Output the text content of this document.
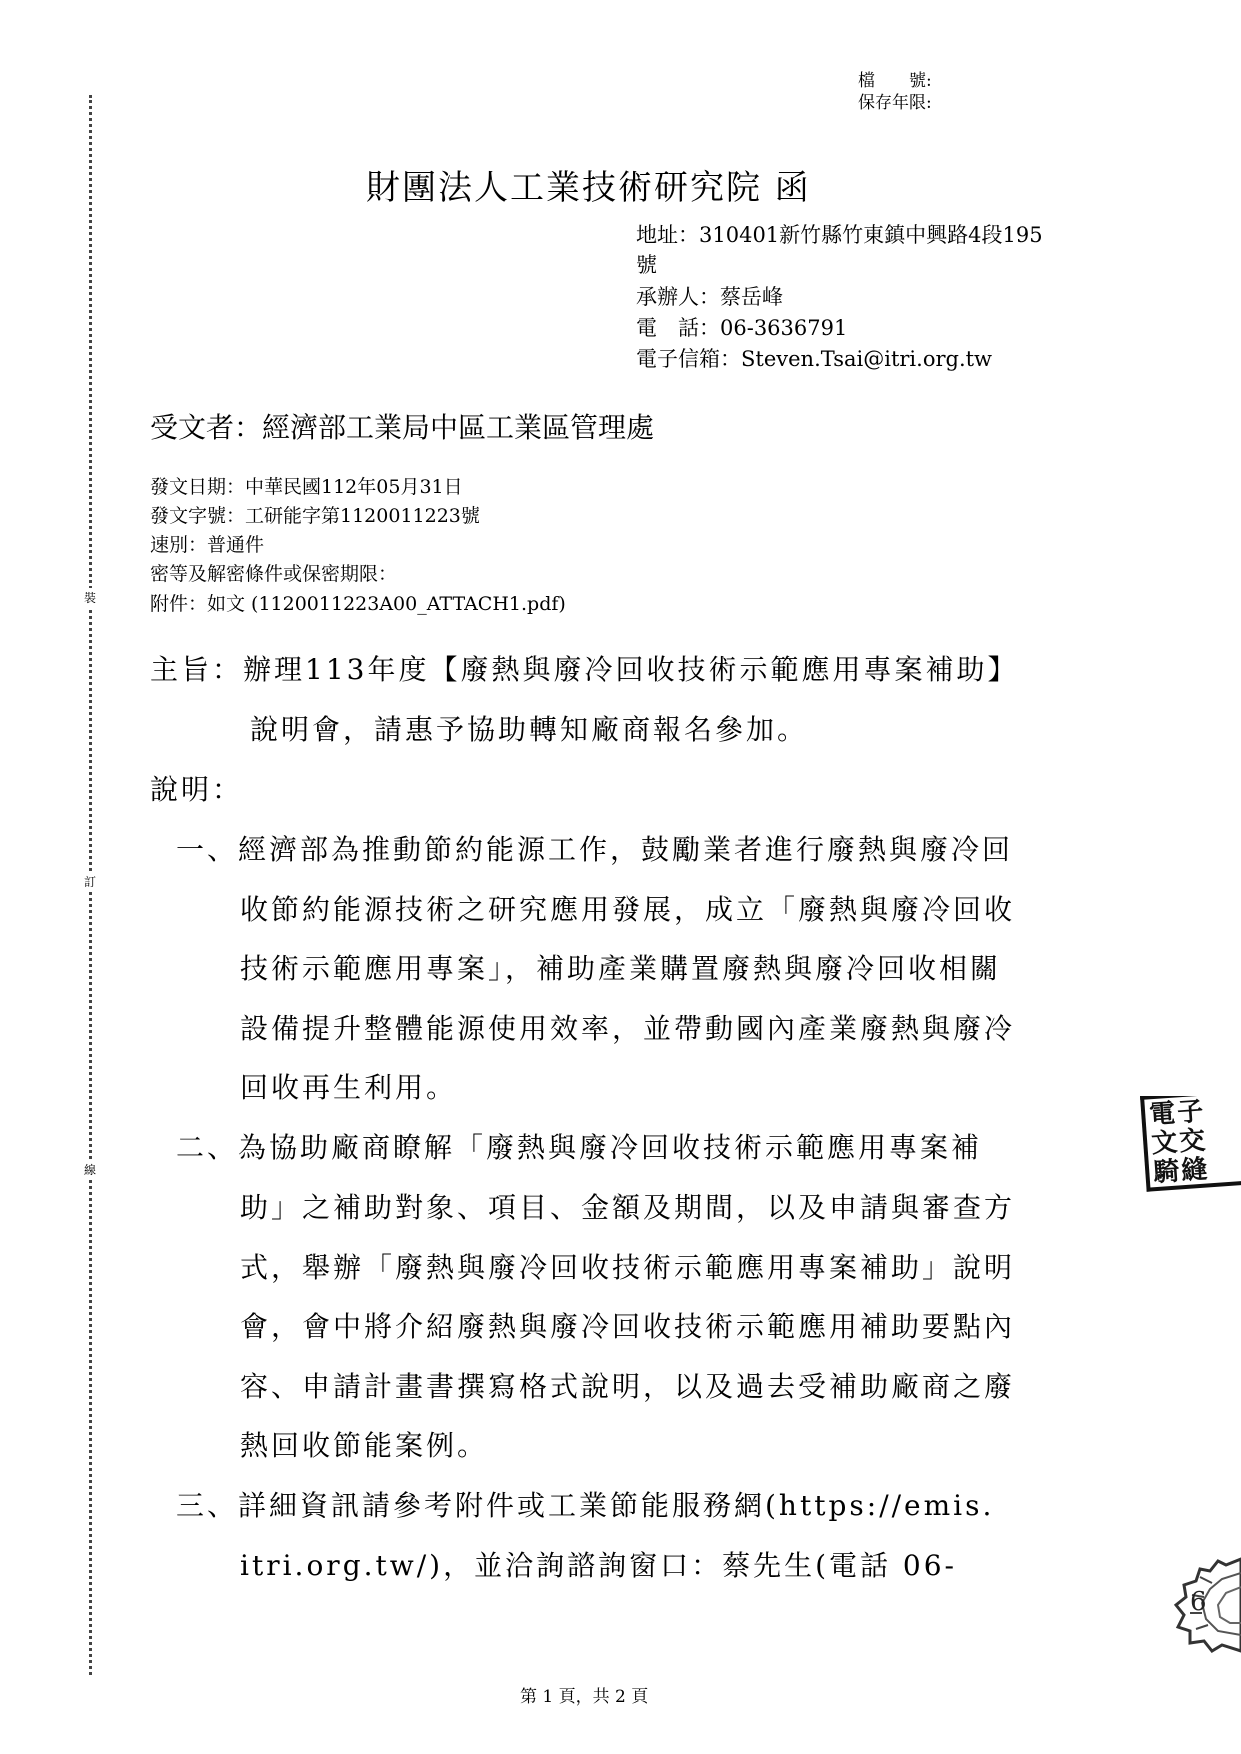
裝
訂
線
檔　　號:
保存年限:
財團法人工業技術研究院 函
地址：310401新竹縣竹東鎮中興路4段195
號
承辦人：蔡岳峰
電　話：06-3636791
電子信箱：Steven.Tsai@itri.org.tw
受文者：經濟部工業局中區工業區管理處
發文日期：中華民國112年05月31日
發文字號：工研能字第1120011223號
速別：普通件
密等及解密條件或保密期限：
附件：如文 (1120011223A00_ATTACH1.pdf)
主旨：辦理113年度【廢熱與廢冷回收技術示範應用專案補助】
說明會，請惠予協助轉知廠商報名參加。
說明：
一、經濟部為推動節約能源工作，鼓勵業者進行廢熱與廢冷回
收節約能源技術之研究應用發展，成立「廢熱與廢冷回收
技術示範應用專案」，補助產業購置廢熱與廢冷回收相關
設備提升整體能源使用效率，並帶動國內產業廢熱與廢冷
回收再生利用。
二、為協助廠商瞭解「廢熱與廢冷回收技術示範應用專案補
助」之補助對象、項目、金額及期間，以及申請與審查方
式，舉辦「廢熱與廢冷回收技術示範應用專案補助」說明
會，會中將介紹廢熱與廢冷回收技術示範應用補助要點內
容、申請計畫書撰寫格式說明，以及過去受補助廠商之廢
熱回收節能案例。
三、詳細資訊請參考附件或工業節能服務網(https://emis.
itri.org.tw/)，並洽詢諮詢窗口：蔡先生(電話 06-
第 1 頁，共 2 頁
電子
文交
騎縫
6
